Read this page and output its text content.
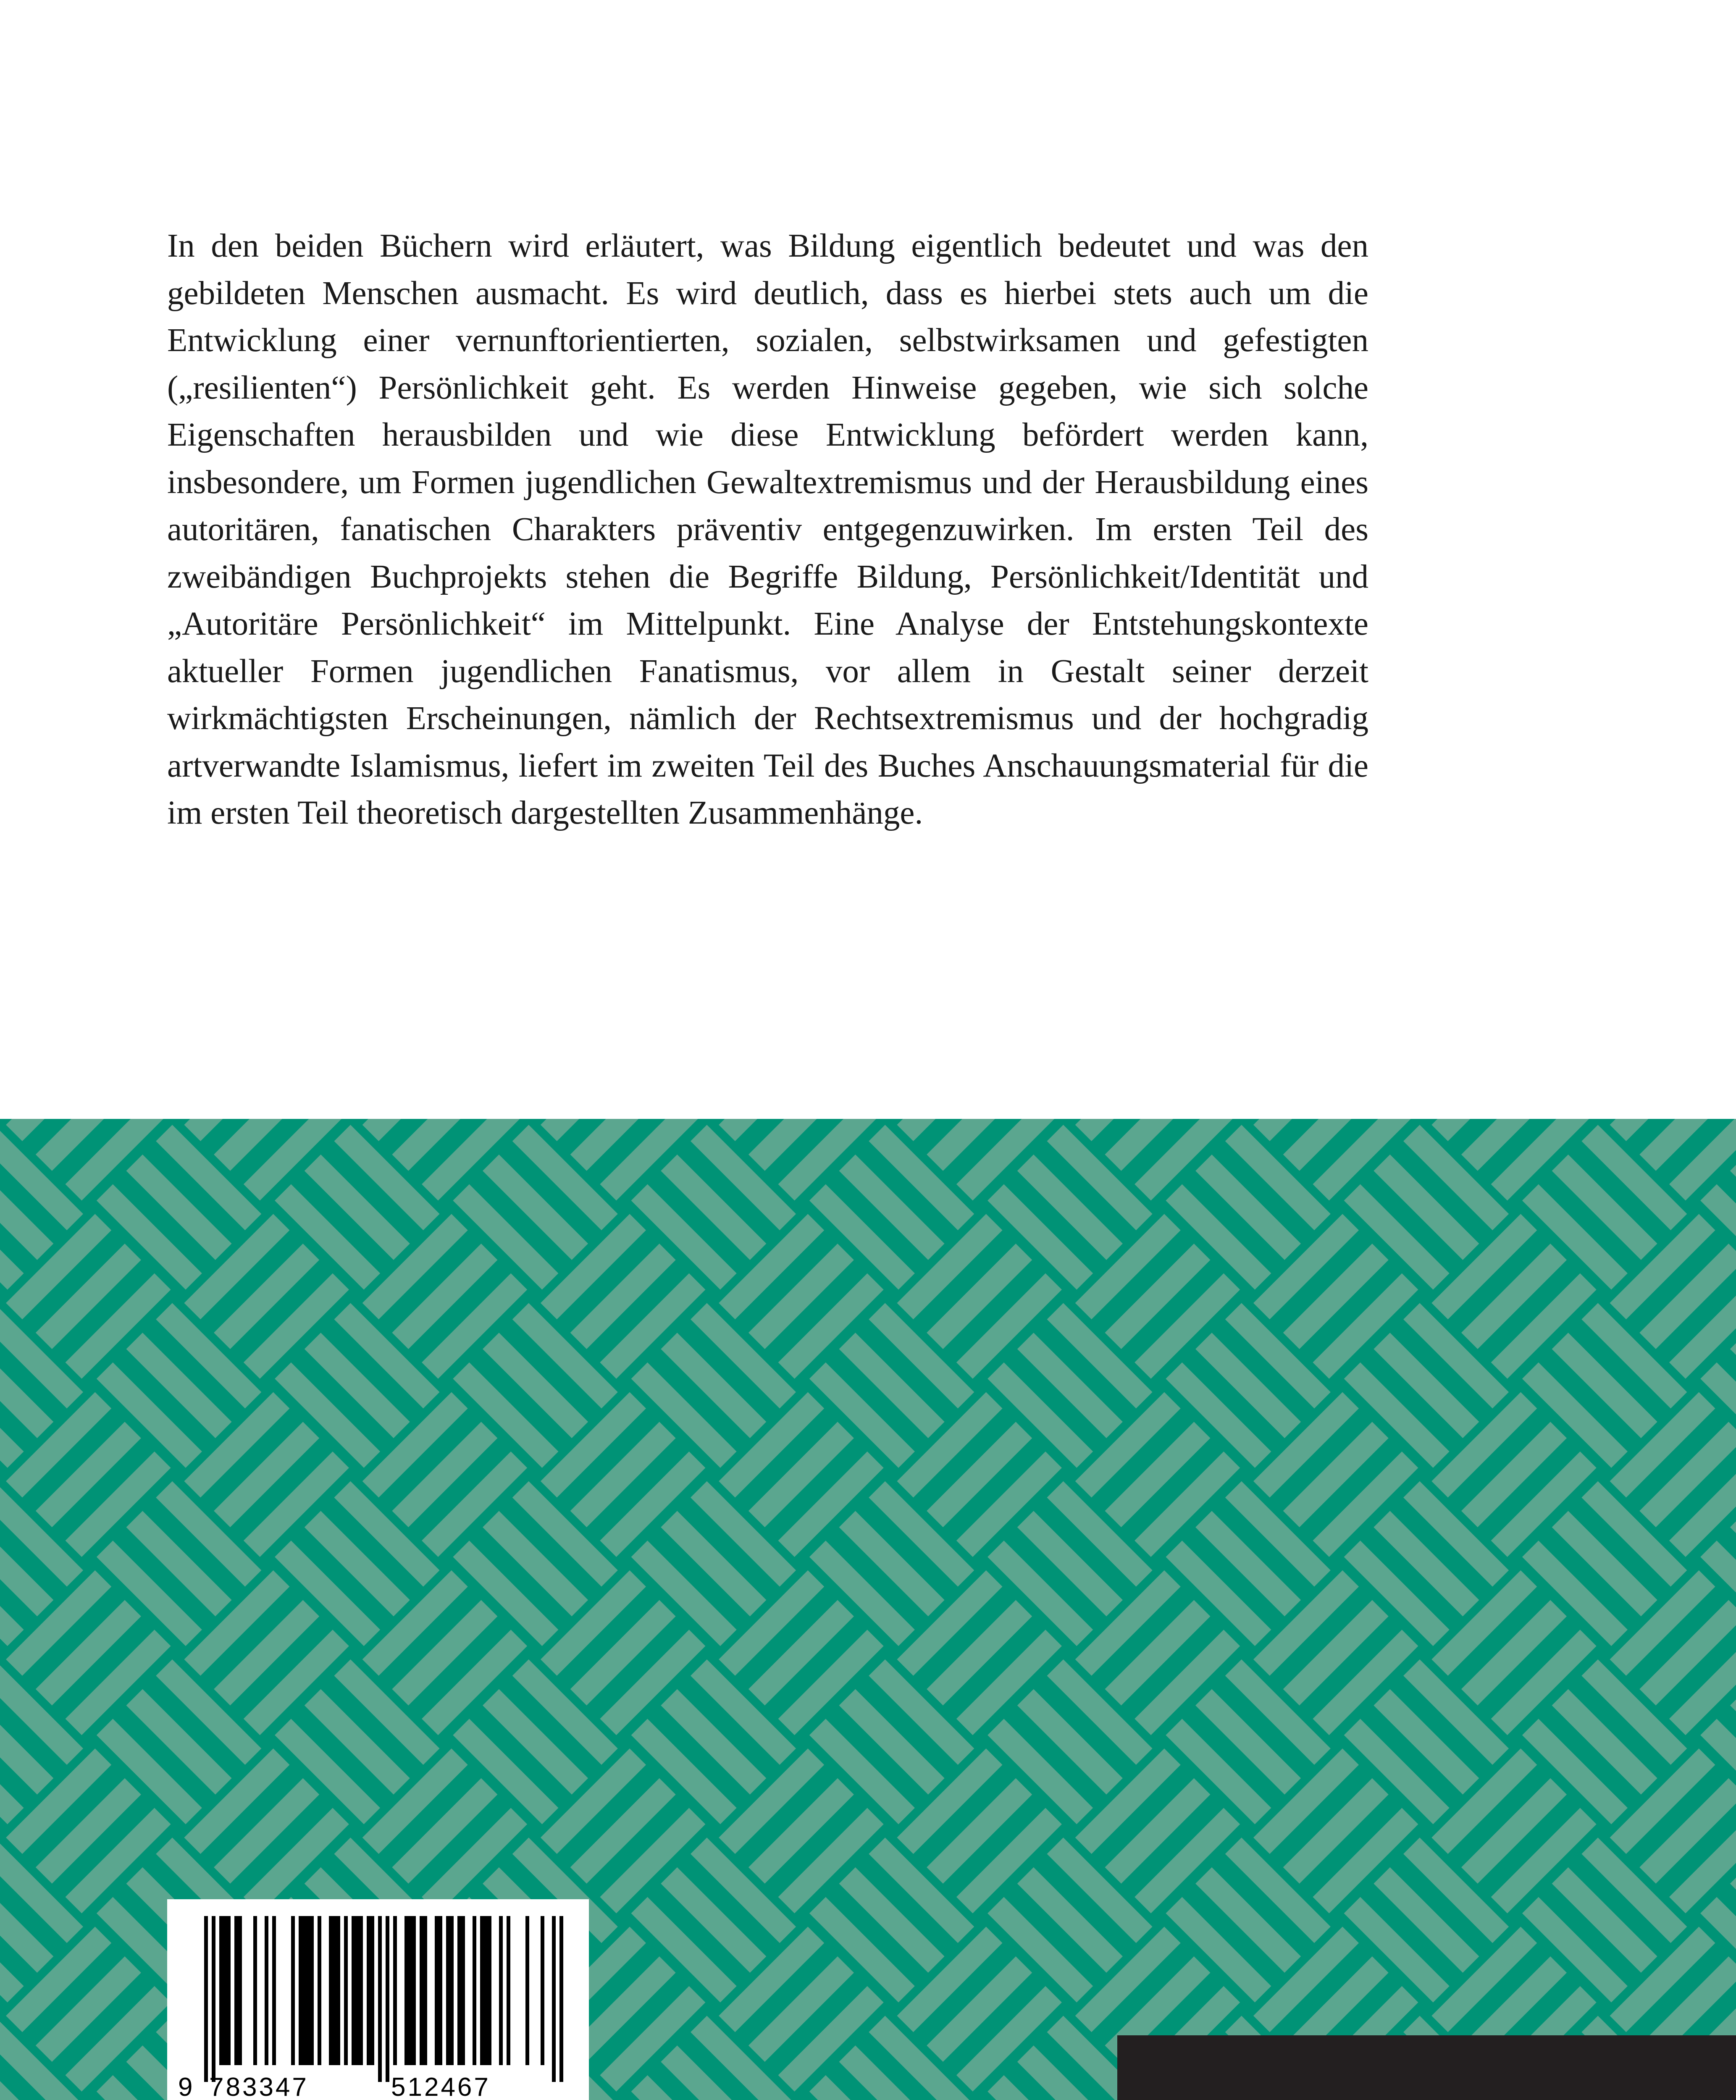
In den beiden Büchern wird erläutert, was Bildung eigentlich bedeutet und was den gebildeten Menschen ausmacht. Es wird deutlich, dass es hierbei stets auch um die Entwicklung einer vernunftorientierten, sozialen, selbstwirksamen und gefestigten („resilienten“) Persönlichkeit geht. Es werden Hinweise gegeben, wie sich solche Eigenschaften herausbilden und wie diese Entwicklung befördert werden kann, insbesondere, um Formen jugendlichen Gewaltextremismus und der Herausbildung eines autoritären, fanatischen Charakters präventiv entgegenzuwirken. Im ersten Teil des zweibändigen Buchprojekts stehen die Begriffe Bildung, Persönlichkeit/Identität und „Autoritäre Persönlichkeit“ im Mittelpunkt. Eine Analyse der Entstehungskontexte aktueller Formen jugendlichen Fanatismus, vor allem in Gestalt seiner derzeit wirkmächtigsten Erscheinungen, nämlich der Rechtsextremismus und der hochgradig artverwandte Islamismus, liefert im zweiten Teil des Buches Anschauungsmaterial für die im ersten Teil theoretisch dargestellten Zusammenhänge.

9 783347	512467
